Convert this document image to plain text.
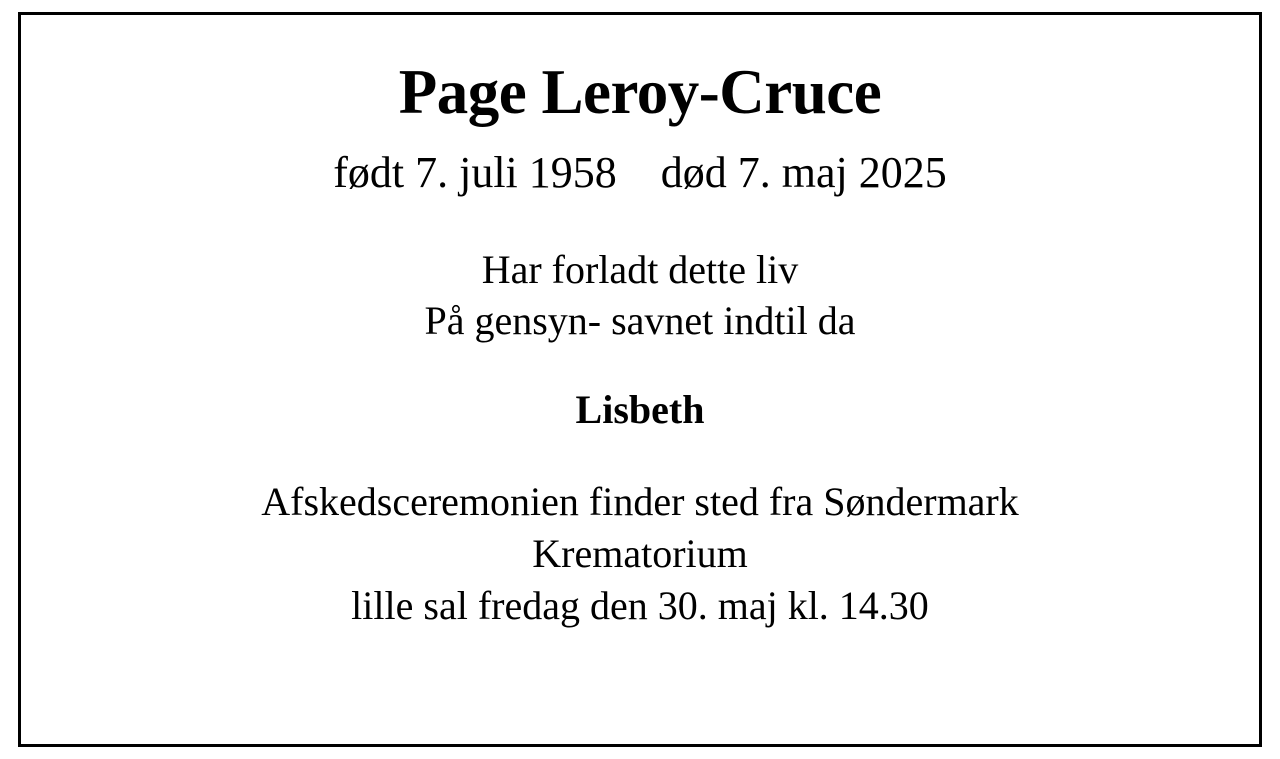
Page Leroy-Cruce

født 7. juli 1958    død 7. maj 2025

Har forladt dette liv
På gensyn- savnet indtil da

Lisbeth

Afskedsceremonien finder sted fra Søndermark
Krematorium
lille sal fredag den 30. maj kl. 14.30
